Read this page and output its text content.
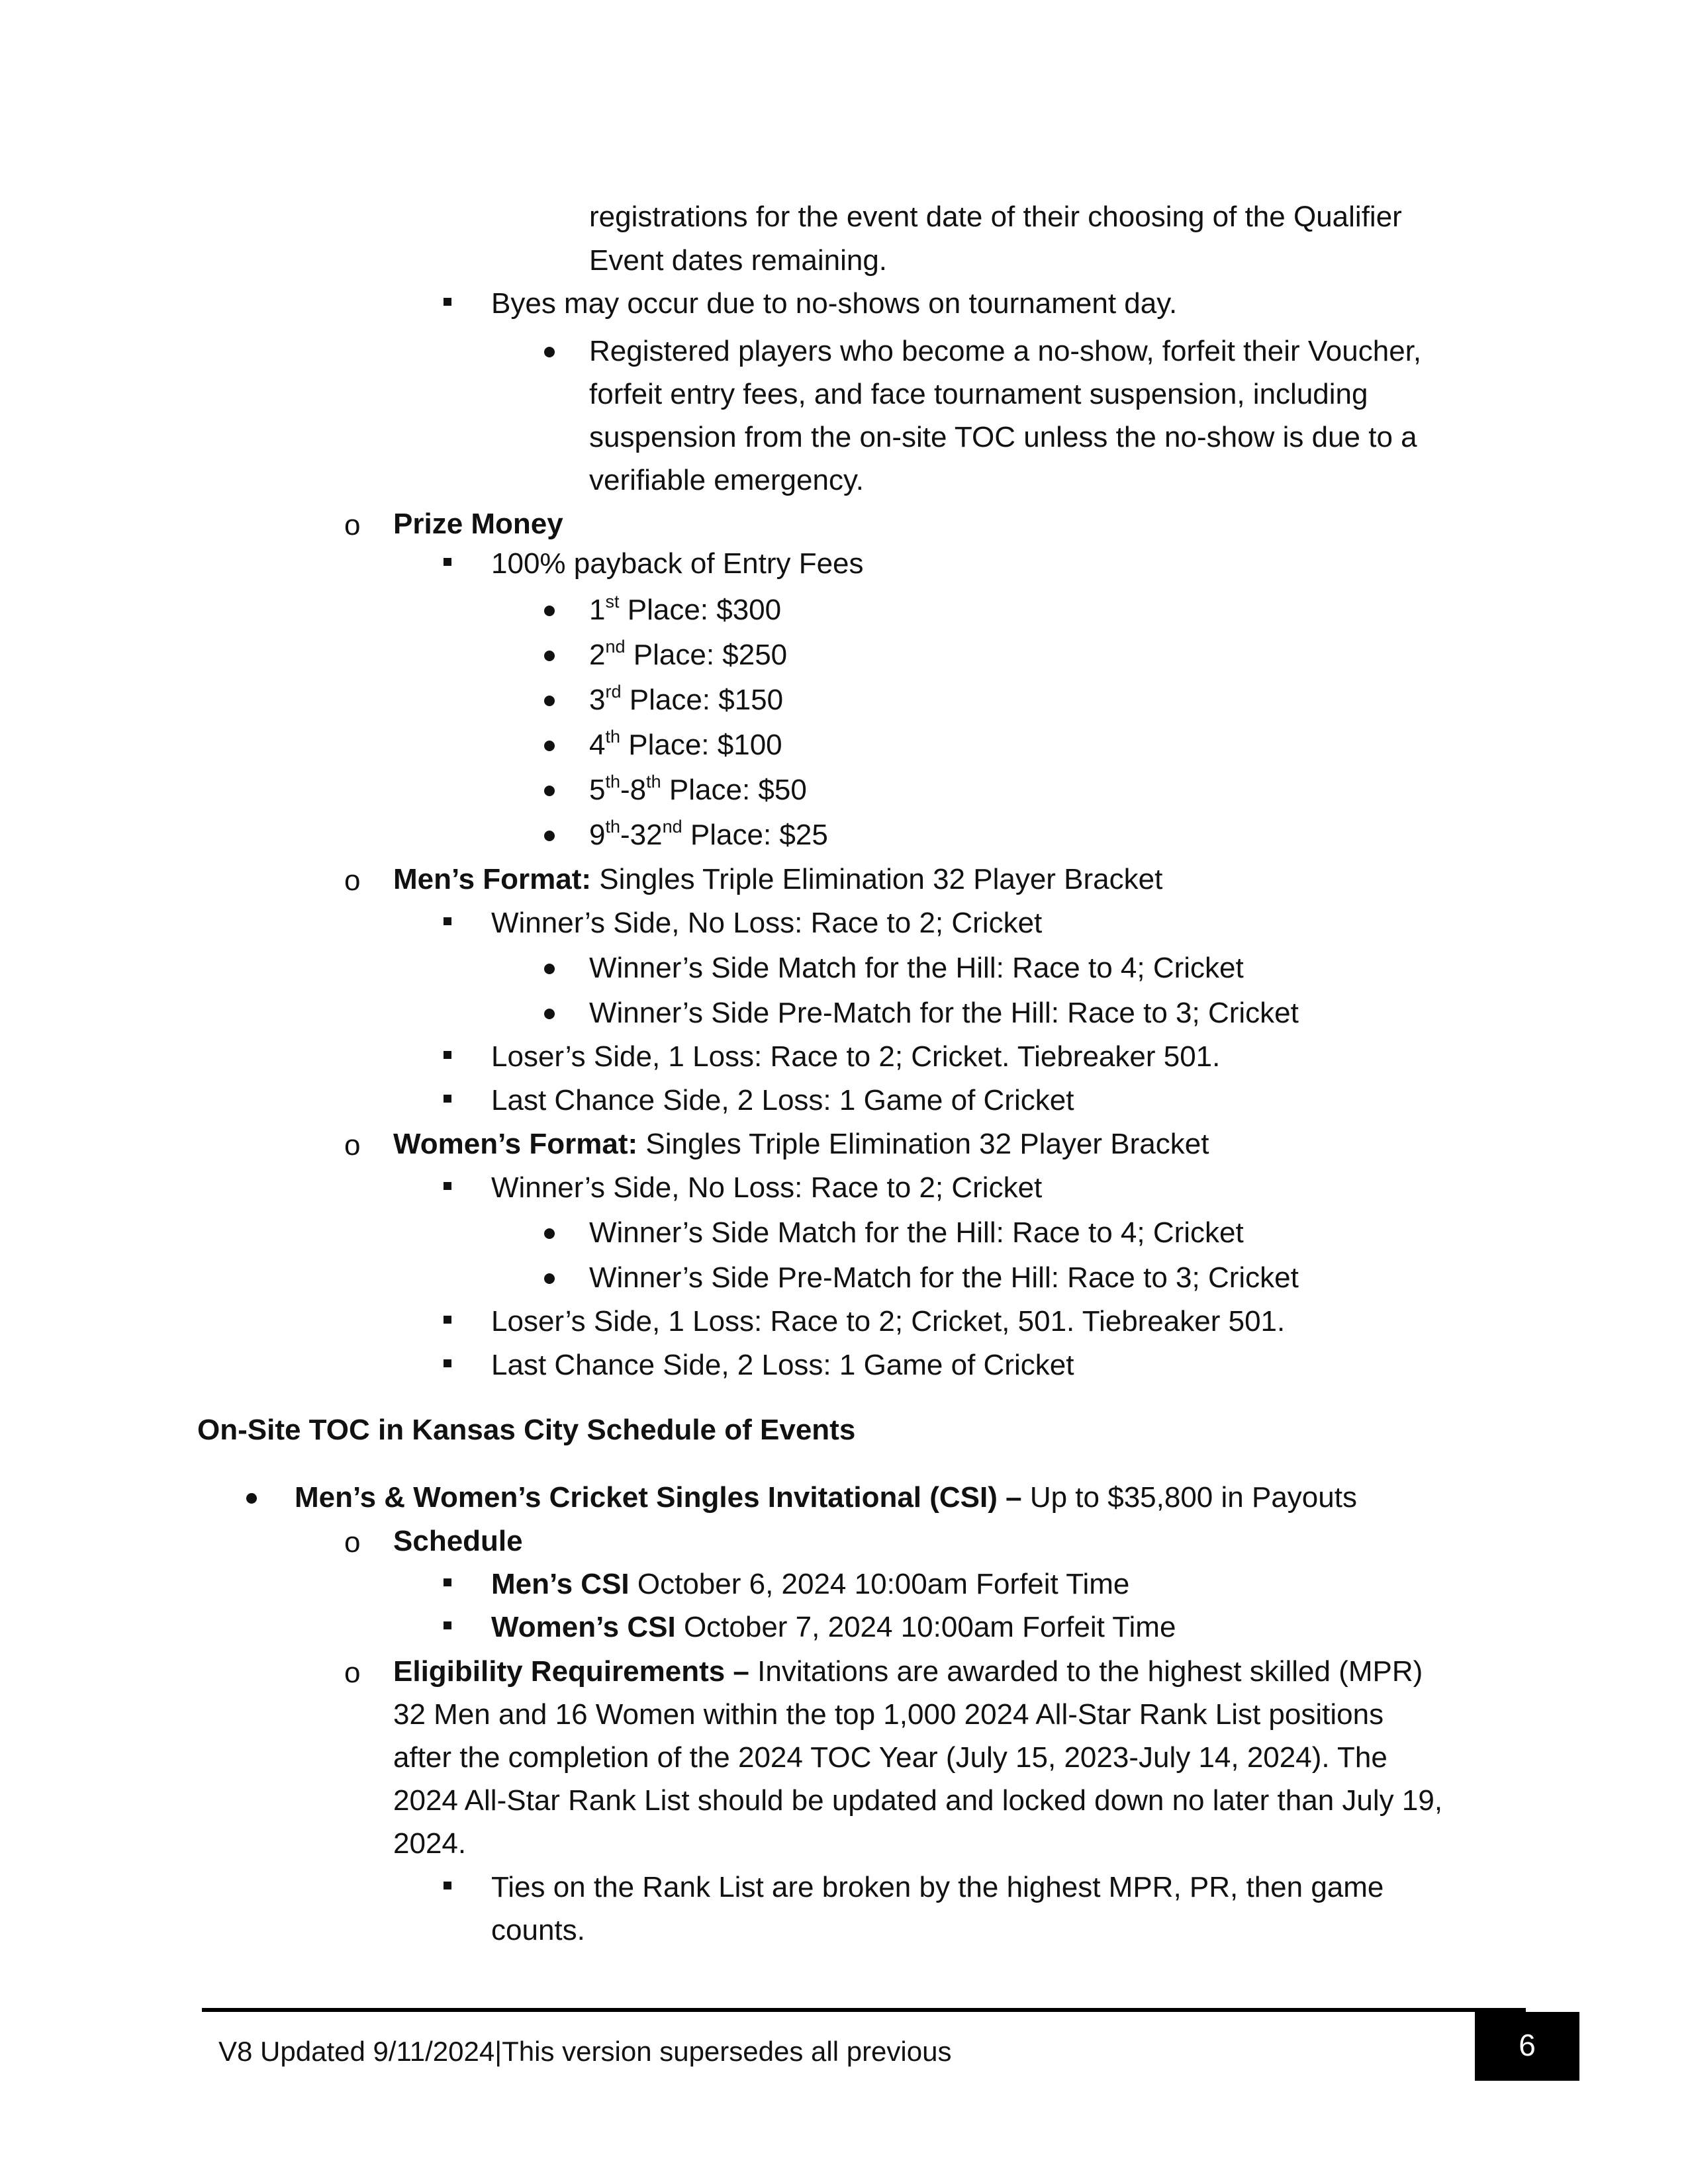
registrations for the event date of their choosing of the Qualifier
Event dates remaining.
Byes may occur due to no-shows on tournament day.
Registered players who become a no-show, forfeit their Voucher,
forfeit entry fees, and face tournament suspension, including
suspension from the on-site TOC unless the no-show is due to a
verifiable emergency.
o Prize Money
100% payback of Entry Fees
1st Place: $300
2nd Place: $250
3rd Place: $150
4th Place: $100
5th-8th Place: $50
9th-32nd Place: $25
o Men’s Format: Singles Triple Elimination 32 Player Bracket
Winner’s Side, No Loss: Race to 2; Cricket
Winner’s Side Match for the Hill: Race to 4; Cricket
Winner’s Side Pre-Match for the Hill: Race to 3; Cricket
Loser’s Side, 1 Loss: Race to 2; Cricket. Tiebreaker 501.
Last Chance Side, 2 Loss: 1 Game of Cricket
o Women’s Format: Singles Triple Elimination 32 Player Bracket
Winner’s Side, No Loss: Race to 2; Cricket
Winner’s Side Match for the Hill: Race to 4; Cricket
Winner’s Side Pre-Match for the Hill: Race to 3; Cricket
Loser’s Side, 1 Loss: Race to 2; Cricket, 501. Tiebreaker 501.
Last Chance Side, 2 Loss: 1 Game of Cricket
On-Site TOC in Kansas City Schedule of Events
Men’s & Women’s Cricket Singles Invitational (CSI) – Up to $35,800 in Payouts
o Schedule
Men’s CSI October 6, 2024 10:00am Forfeit Time
Women’s CSI October 7, 2024 10:00am Forfeit Time
o Eligibility Requirements – Invitations are awarded to the highest skilled (MPR)
32 Men and 16 Women within the top 1,000 2024 All-Star Rank List positions
after the completion of the 2024 TOC Year (July 15, 2023-July 14, 2024). The
2024 All-Star Rank List should be updated and locked down no later than July 19,
2024.
Ties on the Rank List are broken by the highest MPR, PR, then game
counts.
V8 Updated 9/11/2024|This version supersedes all previous	6
